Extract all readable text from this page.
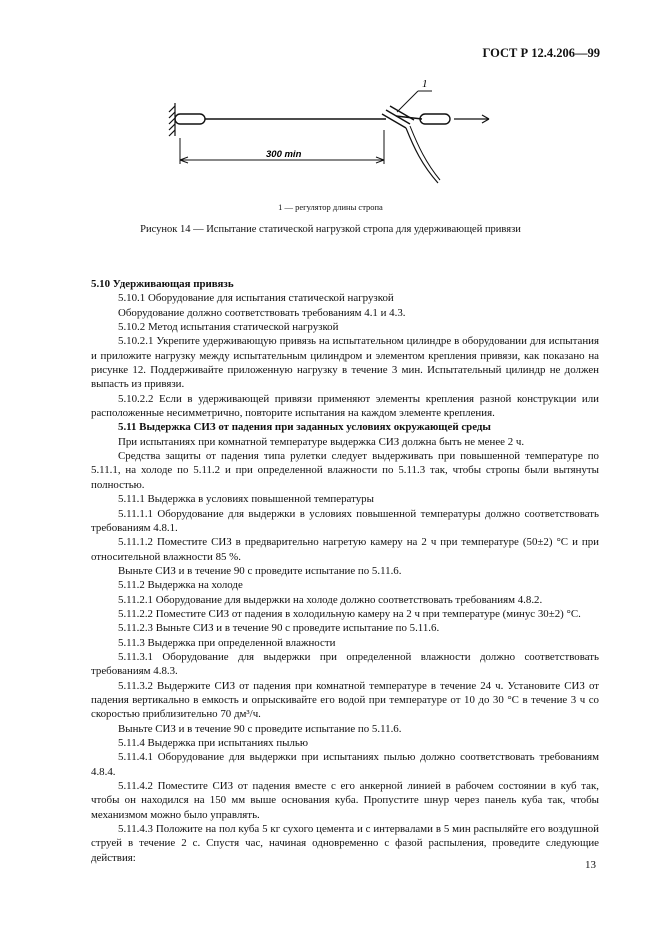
ГОСТ Р 12.4.206—99
1
300 min
1 — регулятор длины стропа
Рисунок 14 — Испытание статической нагрузкой стропа для удерживающей привязи

5.10 Удерживающая привязь

5.10.1 Оборудование для испытания статической нагрузкой

Оборудование должно соответствовать требованиям 4.1 и 4.3.

5.10.2 Метод испытания статической нагрузкой

5.10.2.1 Укрепите удерживающую привязь на испытательном цилиндре в оборудовании для испытания и приложите нагрузку между испытательным цилиндром и элементом крепления привязи, как показано на рисунке 12. Поддерживайте приложенную нагрузку в течение 3 мин. Испытательный цилиндр не должен выпасть из привязи.

5.10.2.2 Если в удерживающей привязи применяют элементы крепления разной конструкции или расположенные несимметрично, повторите испытания на каждом элементе крепления.

5.11 Выдержка СИЗ от падения при заданных условиях окружающей среды

При испытаниях при комнатной температуре выдержка СИЗ должна быть не менее 2 ч.

Средства защиты от падения типа рулетки следует выдерживать при повышенной температуре по 5.11.1, на холоде по 5.11.2 и при определенной влажности по 5.11.3 так, чтобы стропы были вытянуты полностью.

5.11.1 Выдержка в условиях повышенной температуры

5.11.1.1 Оборудование для выдержки в условиях повышенной температуры должно соответствовать требованиям 4.8.1.

5.11.1.2 Поместите СИЗ в предварительно нагретую камеру на 2 ч при температуре (50±2) °С и при относительной влажности 85 %.

Выньте СИЗ и в течение 90 с проведите испытание по 5.11.6.

5.11.2 Выдержка на холоде

5.11.2.1 Оборудование для выдержки на холоде должно соответствовать требованиям 4.8.2.

5.11.2.2 Поместите СИЗ от падения в холодильную камеру на 2 ч при температуре (минус 30±2) °С.

5.11.2.3 Выньте СИЗ и в течение 90 с проведите испытание по 5.11.6.

5.11.3 Выдержка при определенной влажности

5.11.3.1 Оборудование для выдержки при определенной влажности должно соответствовать требованиям 4.8.3.

5.11.3.2 Выдержите СИЗ от падения при комнатной температуре в течение 24 ч. Установите СИЗ от падения вертикально в емкость и опрыскивайте его водой при температуре от 10 до 30 °С в течение 3 ч со скоростью приблизительно 70 дм³/ч.

Выньте СИЗ и в течение 90 с проведите испытание по 5.11.6.

5.11.4 Выдержка при испытаниях пылью

5.11.4.1 Оборудование для выдержки при испытаниях пылью должно соответствовать требованиям 4.8.4.

5.11.4.2 Поместите СИЗ от падения вместе с его анкерной линией в рабочем состоянии в куб так, чтобы он находился на 150 мм выше основания куба. Пропустите шнур через панель куба так, чтобы механизмом можно было управлять.

5.11.4.3 Положите на пол куба 5 кг сухого цемента и с интервалами в 5 мин распыляйте его воздушной струей в течение 2 с. Спустя час, начиная одновременно с фазой распыления, проведите следующие действия:

13
